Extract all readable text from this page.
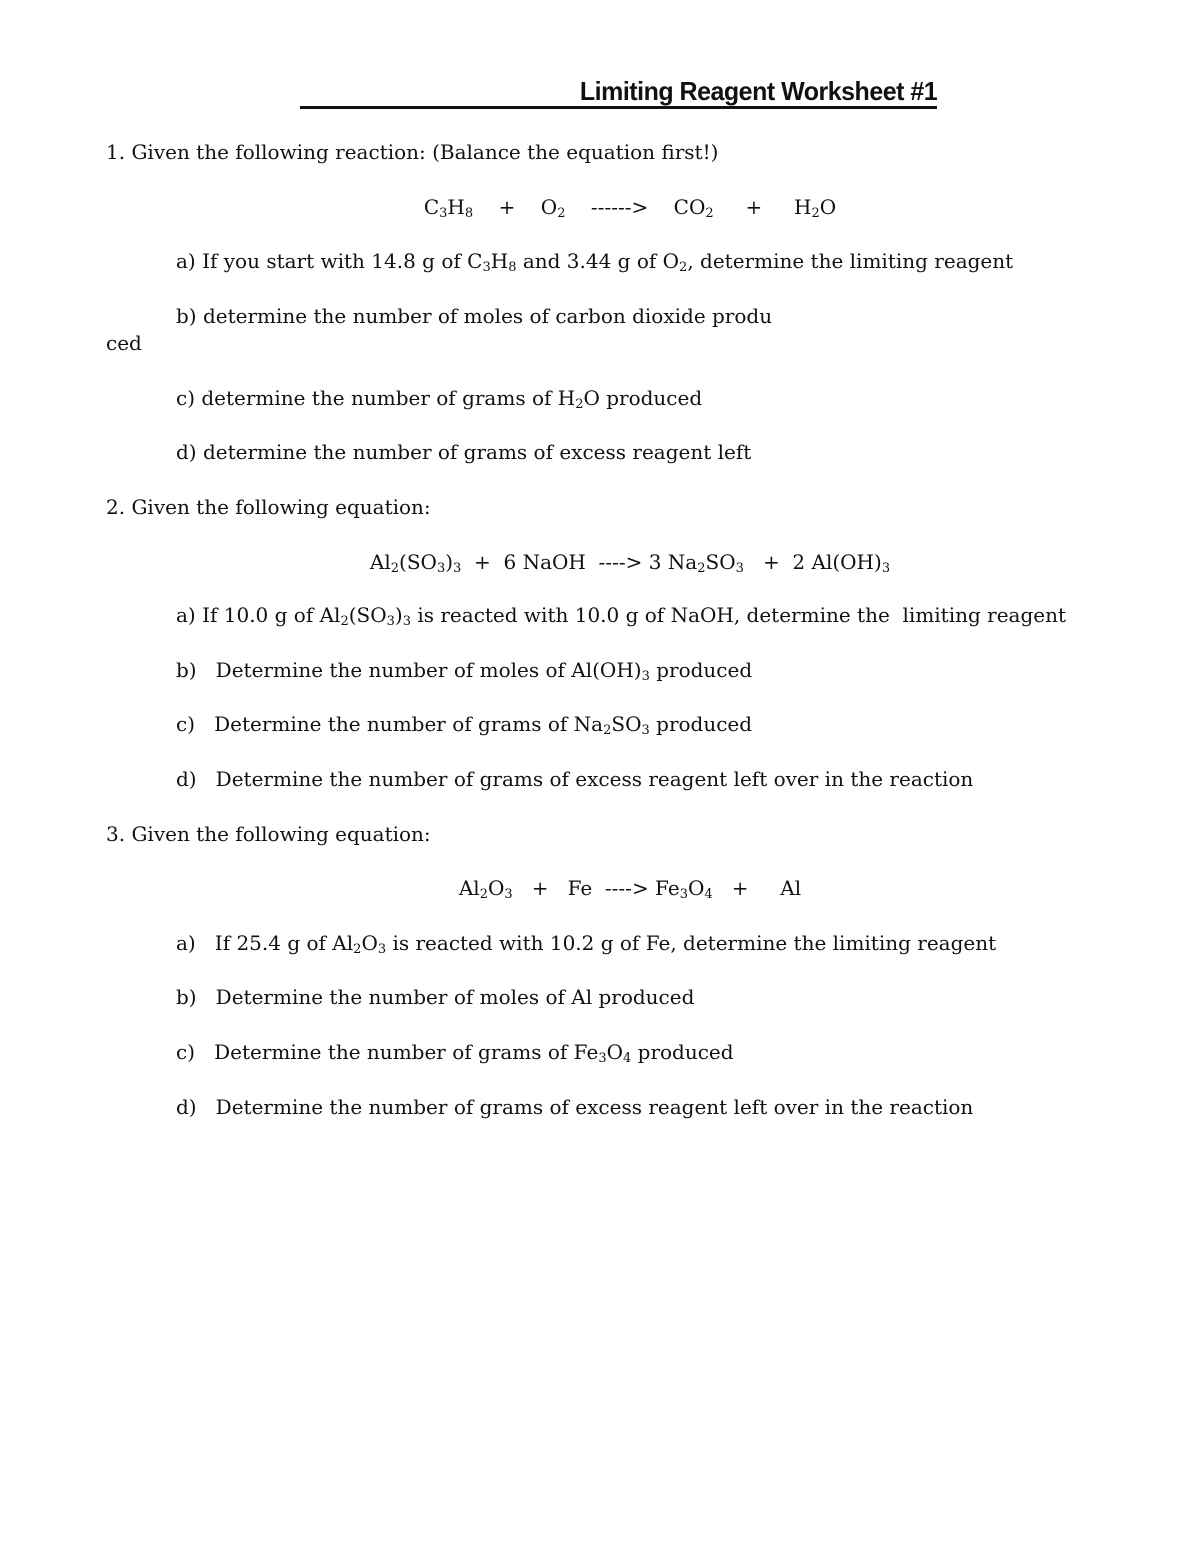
Limiting Reagent Worksheet #1
1. Given the following reaction: (Balance the equation first!)
$C_3H_8 + O_2$ ------> $CO_2 + H_2O$
a) If you start with 14.8 g of $C_3H_8$ and 3.44 g of $O_2$, determine the limiting reagent
b) determine the number of moles of carbon dioxide produ
ced
c) determine the number of grams of $H_2O$ produced
d) determine the number of grams of excess reagent left
2. Given the following equation:
$Al_2(SO_3)_3 + 6$ NaOH  ----> 3 $Na_2SO_3 + 2$ $Al(OH)_3$
a) If 10.0 g of $Al_2(SO_3)_3$ is reacted with 10.0 g of NaOH, determine the  limiting reagent
b)   Determine the number of moles of $Al(OH)_3$ produced
c)   Determine the number of grams of $Na_2SO_3$ produced
d)   Determine the number of grams of excess reagent left over in the reaction
3. Given the following equation:
$Al_2O_3 + Fe$  ----> $Fe_3O_4$   +     Al
a)   If 25.4 g of $Al_2O_3$ is reacted with 10.2 g of Fe, determine the limiting reagent
b)   Determine the number of moles of Al produced
c)   Determine the number of grams of $Fe_3O_4$ produced
d)   Determine the number of grams of excess reagent left over in the reaction
